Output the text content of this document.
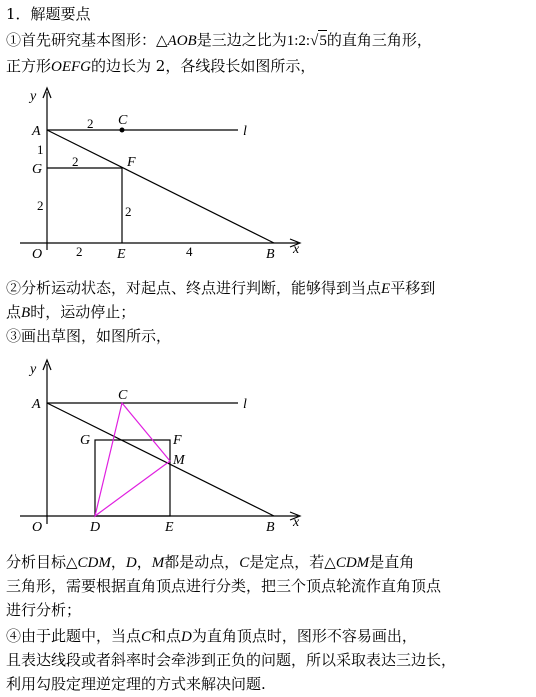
1．解题要点
①首先研究基本图形：△AOB是三边之比为1:2:√5的直角三角形，
正方形OEFG的边长为 2，各线段长如图所示，
y
A
G
O	E	B x
C
F
l
2
1
2
2	2
2	4
②分析运动状态，对起点、终点进行判断，能够得到当点E平移到
点B时，运动停止；
③画出草图，如图所示，
y
A
O	D	E	B x
C
G	F
M
l
分析目标△CDM，D，M都是动点，C是定点，若△CDM是直角
三角形，需要根据直角顶点进行分类，把三个顶点轮流作直角顶点
进行分析；
④由于此题中，当点C和点D为直角顶点时，图形不容易画出，
且表达线段或者斜率时会牵涉到正负的问题，所以采取表达三边长，
利用勾股定理逆定理的方式来解决问题.
